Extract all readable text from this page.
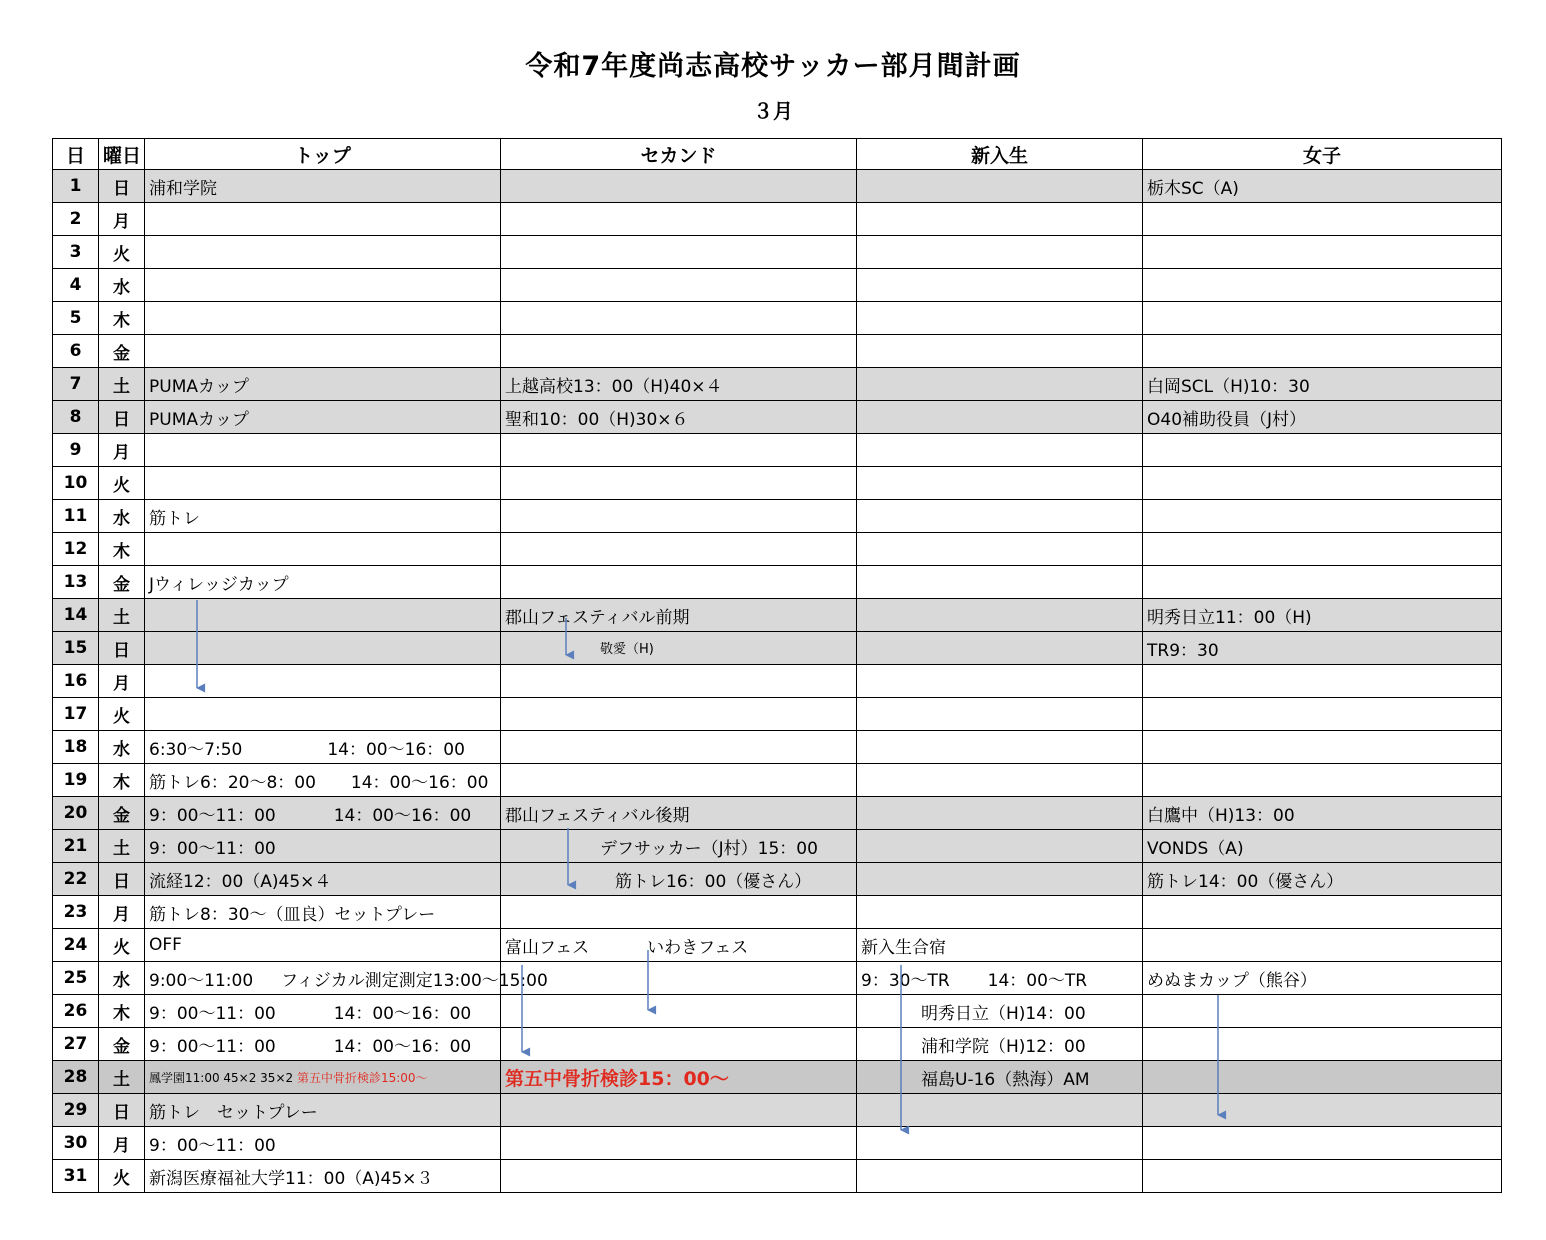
令和7年度尚志高校サッカー部月間計画
３月
日	曜日	トップ	セカンド	新入生	女子
1	日	浦和学院			栃木SC（A)
2	月				
3	火				
4	水				
5	木				
6	金				
7	土	PUMAカップ	上越高校13：00（H)40×４		白岡SCL（H)10：30
8	日	PUMAカップ	聖和10：00（H)30×６		O40補助役員（J村）
9	月				
10	火				
11	水	筋トレ			
12	木				
13	金	Jウィレッジカップ			
14	土		郡山フェスティバル前期		明秀日立11：00（H)
15	日		敬愛（H)		TR9：30
16	月				
17	火				
18	水	6:30～7:50 14：00～16：00			
19	木	筋トレ6：20～8：00 14：00～16：00			
20	金	9：00～11：00 14：00～16：00	郡山フェスティバル後期		白鷹中（H)13：00
21	土	9：00～11：00	デフサッカー（J村）15：00		VONDS（A)
22	日	流経12：00（A)45×４	筋トレ16：00（優さん）		筋トレ14：00（優さん）
23	月	筋トレ8：30～（皿良）セットプレー			
24	火	OFF	富山フェス いわきフェス	新入生合宿	
25	水	9:00～11:00 フィジカル測定測定13:00～15:00		9：30～TR 14：00～TR	めぬまカップ（熊谷）
26	木	9：00～11：00 14：00～16：00		明秀日立（H)14：00	
27	金	9：00～11：00 14：00～16：00		浦和学院（H)12：00	
28	土	鳳学園11:00 45×2 35×2 第五中骨折検診15:00～	第五中骨折検診15：00～	福島U-16（熱海）AM	
29	日	筋トレ　セットプレー			
30	月	9：00～11：00			
31	火	新潟医療福祉大学11：00（A)45×３			
